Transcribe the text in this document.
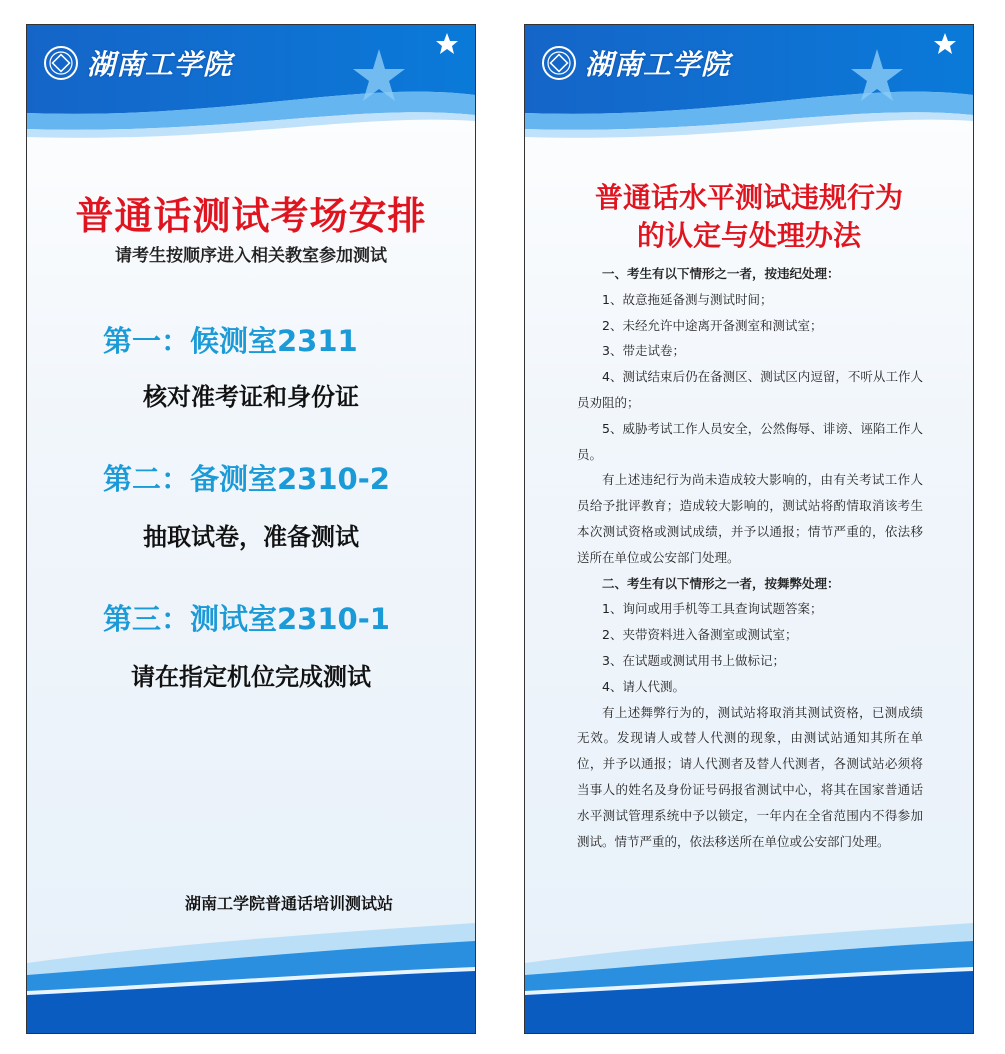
湖南工学院
普通话测试考场安排
请考生按顺序进入相关教室参加测试
第一：候测室2311
核对准考证和身份证
第二：备测室2310-2
抽取试卷，准备测试
第三：测试室2310-1
请在指定机位完成测试
湖南工学院普通话培训测试站
湖南工学院
普通话水平测试违规行为
的认定与处理办法

一、考生有以下情形之一者，按违纪处理：

1、故意拖延备测与测试时间；

2、未经允许中途离开备测室和测试室；

3、带走试卷；

4、测试结束后仍在备测区、测试区内逗留，不听从工作人员劝阻的；

5、威胁考试工作人员安全，公然侮辱、诽谤、诬陷工作人员。

有上述违纪行为尚未造成较大影响的，由有关考试工作人员给予批评教育；造成较大影响的，测试站将酌情取消该考生本次测试资格或测试成绩，并予以通报；情节严重的，依法移送所在单位或公安部门处理。

二、考生有以下情形之一者，按舞弊处理：

1、询问或用手机等工具查询试题答案；

2、夹带资料进入备测室或测试室；

3、在试题或测试用书上做标记；

4、请人代测。

有上述舞弊行为的，测试站将取消其测试资格，已测成绩无效。发现请人或替人代测的现象，由测试站通知其所在单位，并予以通报；请人代测者及替人代测者，各测试站必须将当事人的姓名及身份证号码报省测试中心，将其在国家普通话水平测试管理系统中予以锁定，一年内在全省范围内不得参加测试。情节严重的，依法移送所在单位或公安部门处理。
